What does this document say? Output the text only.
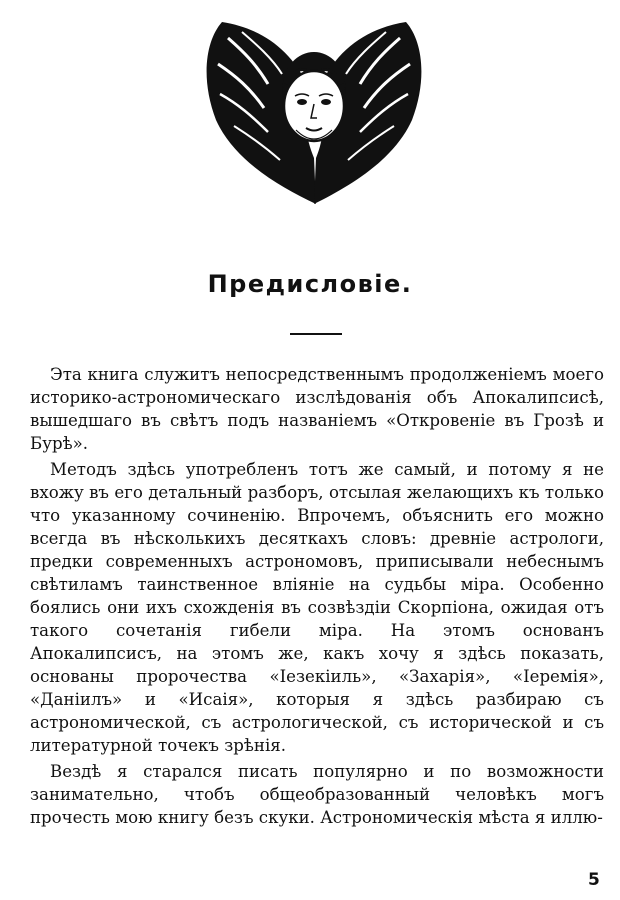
Предисловіе.

Эта книга служитъ непосредственнымъ продолженіемъ моего историко-астрономическаго изслѣдованія объ Апокалипсисѣ, вышедшаго въ свѣтъ подъ названіемъ «Откровеніе въ Грозѣ и Бурѣ».

Методъ здѣсь употребленъ тотъ же самый, и потому я не вхожу въ его детальный разборъ, отсылая желающихъ къ только что указанному сочиненію. Впрочемъ, объяснить его можно всегда въ нѣсколькихъ десяткахъ словъ: древніе астрологи, предки современныхъ астрономовъ, приписывали небеснымъ свѣтиламъ таинственное вліяніе на судьбы міра. Особенно боялись они ихъ схожденія въ созвѣздіи Скорпіона, ожидая отъ такого сочетанія гибели міра. На этомъ основанъ Апокалипсисъ, на этомъ же, какъ хочу я здѣсь показать, основаны пророчества «Іезекіиль», «Захарія», «Іеремія», «Даніилъ» и «Исаія», которыя я здѣсь разбираю съ астрономической, съ астрологической, съ исторической и съ литературной точекъ зрѣнія.

Вездѣ я старался писать популярно и по возможности занимательно, чтобъ общеобразованный человѣкъ могъ прочесть мою книгу безъ скуки. Астрономическія мѣста я иллю-

5
